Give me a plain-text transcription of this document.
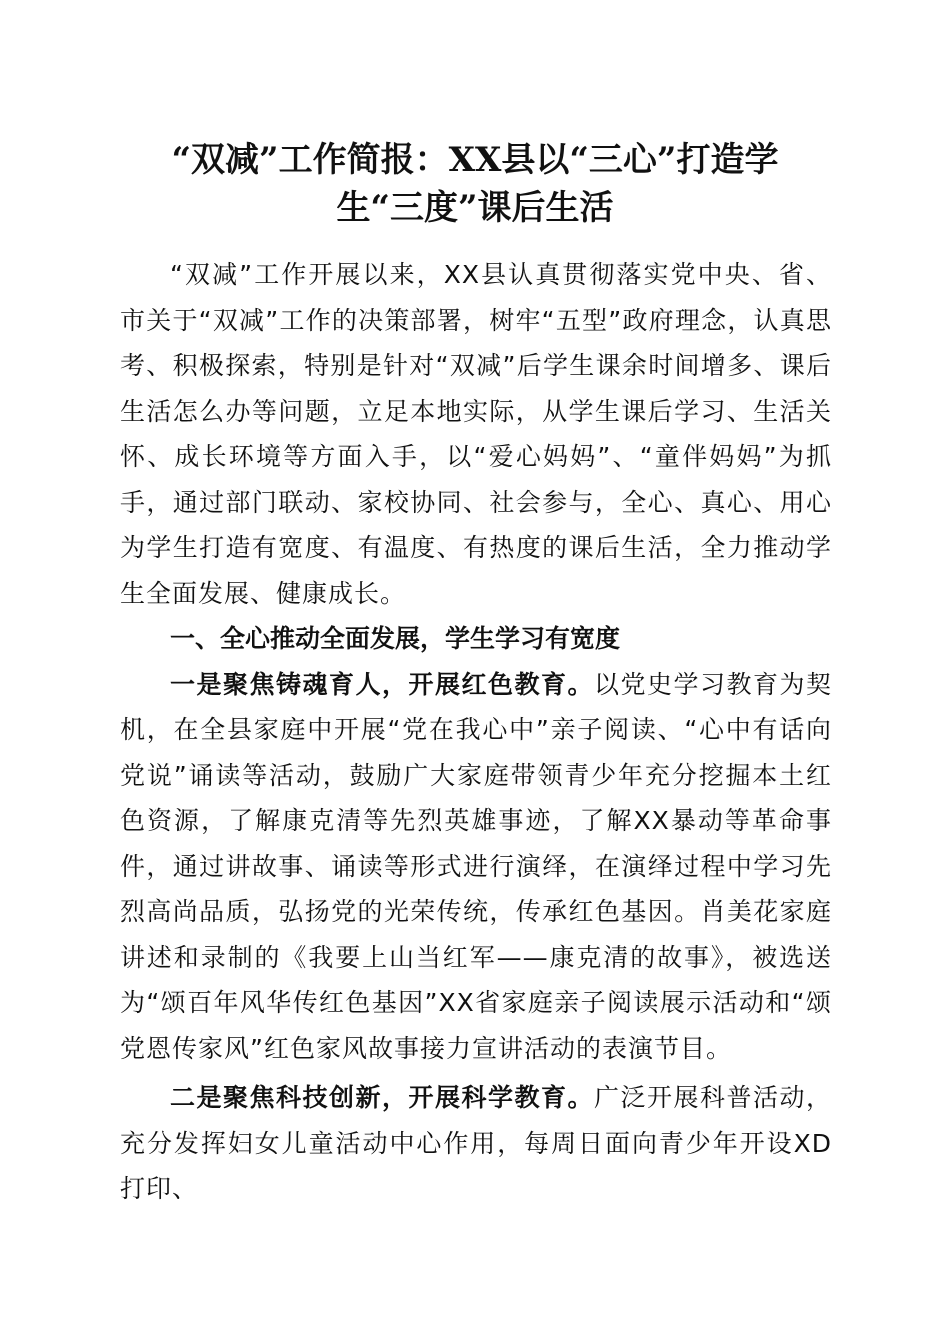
“双减”工作简报：XX县以“三心”打造学
生“三度”课后生活

“双减”工作开展以来，XX县认真贯彻落实党中央、省、市关于“双减”工作的决策部署，树牢“五型”政府理念，认真思考、积极探索，特别是针对“双减”后学生课余时间增多、课后生活怎么办等问题，立足本地实际，从学生课后学习、生活关怀、成长环境等方面入手，以“爱心妈妈”、“童伴妈妈”为抓手，通过部门联动、家校协同、社会参与，全心、真心、用心为学生打造有宽度、有温度、有热度的课后生活，全力推动学生全面发展、健康成长。

一、全心推动全面发展，学生学习有宽度

一是聚焦铸魂育人，开展红色教育。以党史学习教育为契机，在全县家庭中开展“党在我心中”亲子阅读、“心中有话向党说”诵读等活动，鼓励广大家庭带领青少年充分挖掘本土红色资源，了解康克清等先烈英雄事迹，了解XX暴动等革命事件，通过讲故事、诵读等形式进行演绎，在演绎过程中学习先烈高尚品质，弘扬党的光荣传统，传承红色基因。肖美花家庭讲述和录制的《我要上山当红军——康克清的故事》，被选送为“颂百年风华传红色基因”XX省家庭亲子阅读展示活动和“颂党恩传家风”红色家风故事接力宣讲活动的表演节目。

二是聚焦科技创新，开展科学教育。广泛开展科普活动，充分发挥妇女儿童活动中心作用，每周日面向青少年开设XD打印、
